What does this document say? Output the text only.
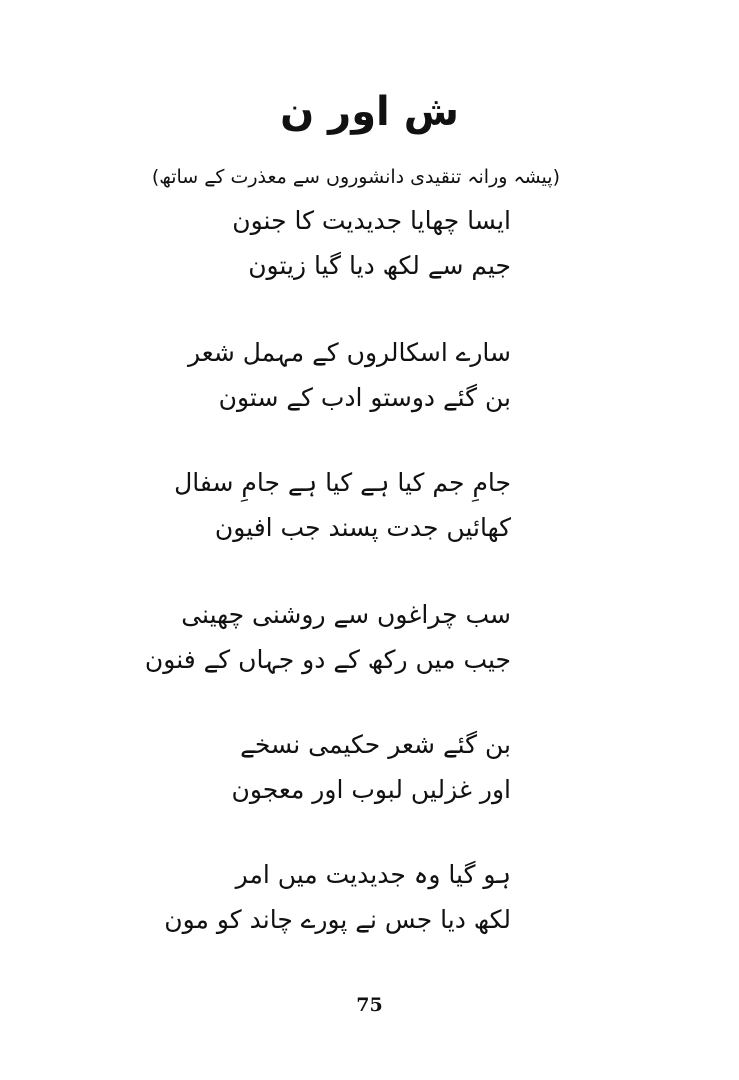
ش اور ن
(پیشہ ورانہ تنقیدی دانشوروں سے معذرت کے ساتھ)
ایسا چھایا جدیدیت کا جنون
جیم سے لکھ دیا گیا زیتون
سارے اسکالروں کے مہمل شعر
بن گئے دوستو ادب کے ستون
جامِ جم کیا ہے کیا ہے جامِ سفال
کھائیں جدت پسند جب افیون
سب چراغوں سے روشنی چھینی
جیب میں رکھ کے دو جہاں کے فنون
بن گئے شعر حکیمی نسخے
اور غزلیں لبوب اور معجون
ہو گیا وہ جدیدیت میں امر
لکھ دیا جس نے پورے چاند کو مون
75
